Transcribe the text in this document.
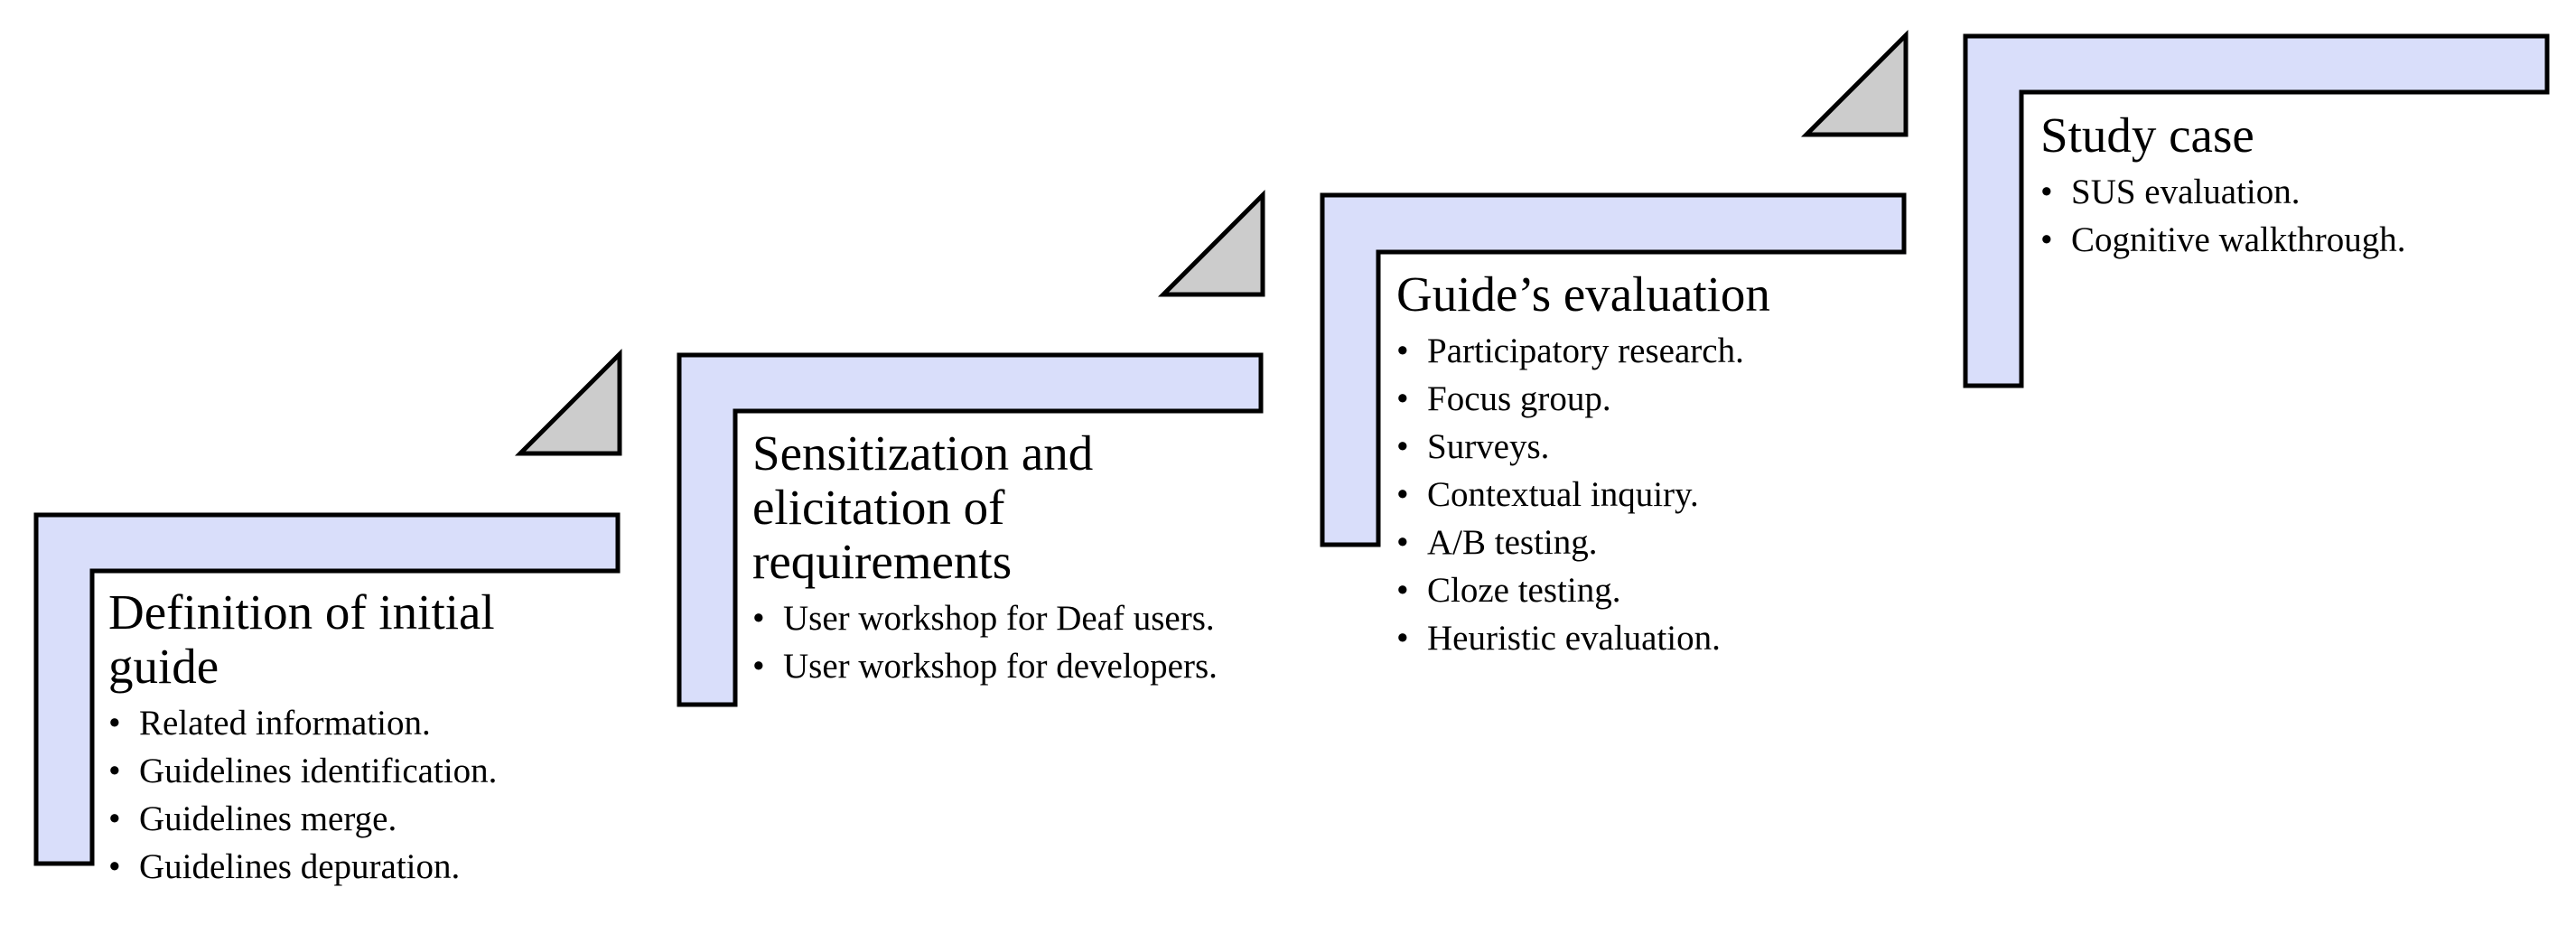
Definition of initial guide
• Related information.
• Guidelines identification.
• Guidelines merge.
• Guidelines depuration.
Sensitization and elicitation of requirements
• User workshop for Deaf users.
• User workshop for developers.
Guide’s evaluation
• Participatory research.
• Focus group.
• Surveys.
• Contextual inquiry.
• A/B testing.
• Cloze testing.
• Heuristic evaluation.
Study case
• SUS evaluation.
• Cognitive walkthrough.
